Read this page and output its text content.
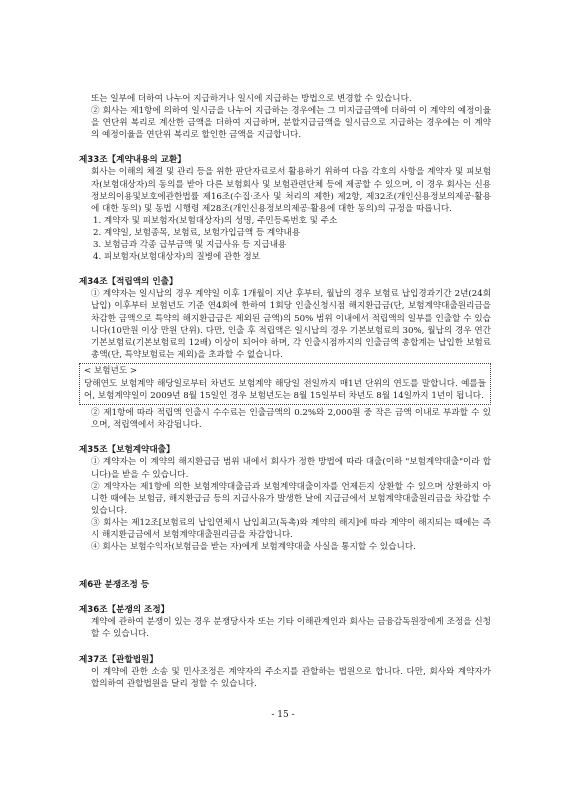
또는 일부에 더하여 나누어 지급하거나 일시에 지급하는 방법으로 변경할 수 있습니다.

② 회사는 제1항에 의하여 일시금을 나누어 지급하는 경우에는 그 미지급금액에 더하여 이 계약의 예정이율을 연단위 복리로 계산한 금액을 더하여 지급하며, 분할지급금액을 일시금으로 지급하는 경우에는 이 계약의 예정이율을 연단위 복리로 할인한 금액을 지급합니다.

제33조【계약내용의 교환】

회사는 이해의 체결 및 관리 등을 위한 판단자료로서 활용하기 위하여 다음 각호의 사항을 계약자 및 피보험자(보험대상자)의 동의를 받아 다른 보험회사 및 보험관련단체 등에 제공할 수 있으며, 이 경우 회사는 신용정보의이용및보호에관한법률 제16조(수집·조사 및 처리의 제한) 제2항, 제32조(개인신용정보의제공·활용에 대한 동의) 및 동법 시행령 제28조(개인신용정보의제공·활용에 대한 동의)의 규정을 따릅니다.

1. 계약자 및 피보험자(보험대상자)의 성명, 주민등록번호 및 주소

2. 계약일, 보험종목, 보험료, 보험가입금액 등 계약내용

3. 보험금과 각종 급부금액 및 지급사유 등 지급내용

4. 피보험자(보험대상자)의 질병에 관한 정보

제34조【적립액의 인출】

① 계약자는 일시납의 경우 계약일 이후 1개월이 지난 후부터, 월납의 경우 보험료 납입경과기간 2년(24회 납입) 이후부터 보험년도 기준 연4회에 한하여 1회당 인출신청시점 해지환급금(단, 보험계약대출원리금을 차감한 금액으로 특약의 해지환급금은 제외된 금액)의 50% 범위 이내에서 적립액의 일부를 인출할 수 있습니다(10만원 이상 만원 단위). 다만, 인출 후 적립액은 일시납의 경우 기본보험료의 30%, 월납의 경우 연간기본보험료(기본보험료의 12배) 이상이 되어야 하며, 각 인출시점까지의 인출금액 총합계는 납입한 보험료 총액(단, 특약보험료는 제외)을 초과할 수 없습니다.

< 보험년도 >

당해연도 보험계약 해당일로부터 차년도 보험계약 해당일 전일까지 매1년 단위의 연도를 말합니다. 예를들어, 보험계약일이 2009년 8월 15일인 경우 보험년도는 8월 15일부터 차년도 8월 14일까지 1년이 됩니다.

② 제1항에 따라 적립액 인출시 수수료는 인출금액의 0.2%와 2,000원 중 작은 금액 이내로 부과할 수 있으며, 적립액에서 차감됩니다.

제35조【보험계약대출】

① 계약자는 이 계약의 해지환급금 범위 내에서 회사가 정한 방법에 따라 대출(이하 "보험계약대출"이라 합니다)을 받을 수 있습니다.

② 계약자는 제1항에 의한 보험계약대출금과 보험계약대출이자를 언제든지 상환할 수 있으며 상환하지 아니한 때에는 보험금, 해지환급금 등의 지급사유가 발생한 날에 지급금에서 보험계약대출원리금을 차감할 수 있습니다.

③ 회사는 제12조[보험료의 납입연체시 납입최고(독촉)와 계약의 해지]에 따라 계약이 해지되는 때에는 즉시 해지환급금에서 보험계약대출원리금을 차감합니다.

④ 회사는 보험수익자(보험금을 받는 자)에게 보험계약대출 사실을 통지할 수 있습니다.

제6관 분쟁조정 등

제36조【분쟁의 조정】

계약에 관하여 분쟁이 있는 경우 분쟁당사자 또는 기타 이해관계인과 회사는 금융감독원장에게 조정을 신청할 수 있습니다.

제37조【관할법원】

이 계약에 관한 소송 및 민사조정은 계약자의 주소지를 관할하는 법원으로 합니다. 다만, 회사와 계약자가 합의하여 관할법원을 달리 정할 수 있습니다.

- 15 -
